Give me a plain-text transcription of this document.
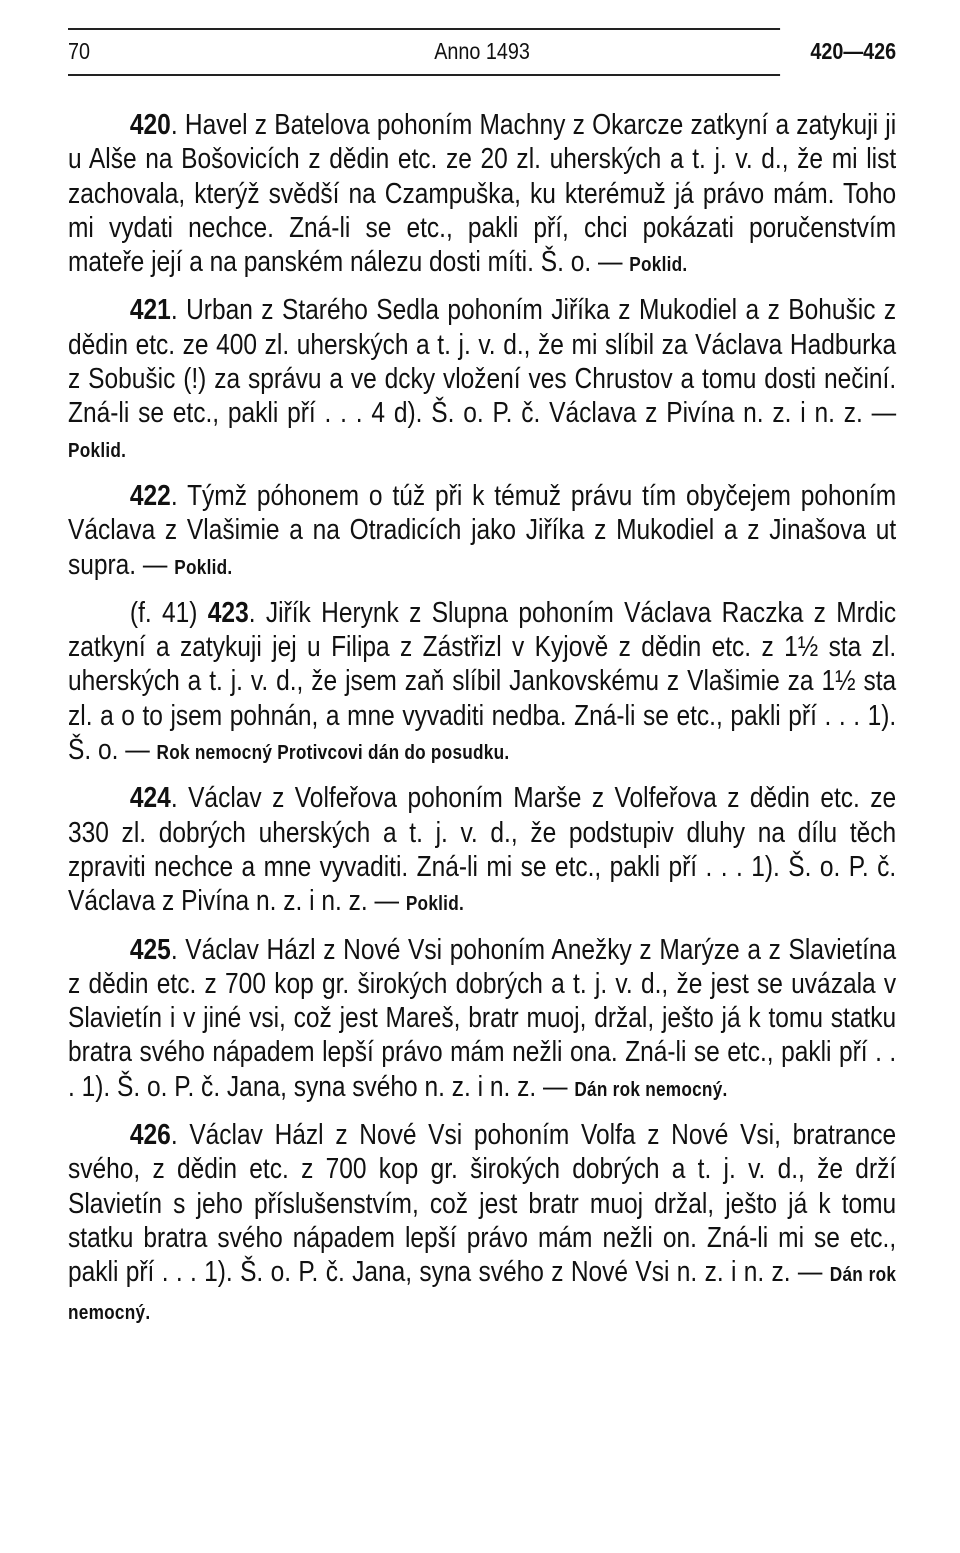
70	Anno 1493	420—426

420. Havel z Batelova pohoním Machny z Okarcze zatkyní a zatykuji ji u Alše na Bošovicích z dědin etc. ze 20 zl. uherských a t. j. v. d., že mi list zachovala, kterýž svědší na Czampuška, ku kterémuž já právo mám. Toho mi vydati nechce. Zná-li se etc., pakli pří, chci pokázati poručenstvím mateře její a na panském nálezu dosti míti. Š. o. — Poklid.

421. Urban z Starého Sedla pohoním Jiříka z Mukodiel a z Bohušic z dědin etc. ze 400 zl. uherských a t. j. v. d., že mi slíbil za Václava Hadburka z Sobušic (!) za správu a ve dcky vložení ves Chrustov a tomu dosti nečiní. Zná-li se etc., pakli pří . . . 4 d). Š. o. P. č. Václava z Pivína n. z. i n. z. — Poklid.

422. Týmž póhonem o túž při k témuž právu tím obyčejem pohoním Václava z Vlašimie a na Otradicích jako Jiříka z Mukodiel a z Jinašova ut supra. — Poklid.

(f. 41) 423. Jiřík Herynk z Slupna pohoním Václava Raczka z Mrdic zatkyní a zatykuji jej u Filipa z Zástřizl v Kyjově z dědin etc. z 1½ sta zl. uherských a t. j. v. d., že jsem zaň slíbil Jankovskému z Vlašimie za 1½ sta zl. a o to jsem pohnán, a mne vyvaditi nedba. Zná-li se etc., pakli pří . . . 1). Š. o. — Rok nemocný Protivcovi dán do posudku.

424. Václav z Volfeřova pohoním Marše z Volfeřova z dědin etc. ze 330 zl. dobrých uherských a t. j. v. d., že podstupiv dluhy na dílu těch zpraviti nechce a mne vyvaditi. Zná-li mi se etc., pakli pří . . . 1). Š. o. P. č. Václava z Pivína n. z. i n. z. — Poklid.

425. Václav Házl z Nové Vsi pohoním Anežky z Marýze a z Slavietína z dědin etc. z 700 kop gr. širokých dobrých a t. j. v. d., že jest se uvázala v Slavietín i v jiné vsi, což jest Mareš, bratr muoj, držal, ješto já k tomu statku bratra svého nápadem lepší právo mám nežli ona. Zná-li se etc., pakli pří . . . 1). Š. o. P. č. Jana, syna svého n. z. i n. z. — Dán rok nemocný.

426. Václav Házl z Nové Vsi pohoním Volfa z Nové Vsi, bratrance svého, z dědin etc. z 700 kop gr. širokých dobrých a t. j. v. d., že drží Slavietín s jeho příslušenstvím, což jest bratr muoj držal, ješto já k tomu statku bratra svého nápadem lepší právo mám nežli on. Zná-li mi se etc., pakli pří . . . 1). Š. o. P. č. Jana, syna svého z Nové Vsi n. z. i n. z. — Dán rok nemocný.
